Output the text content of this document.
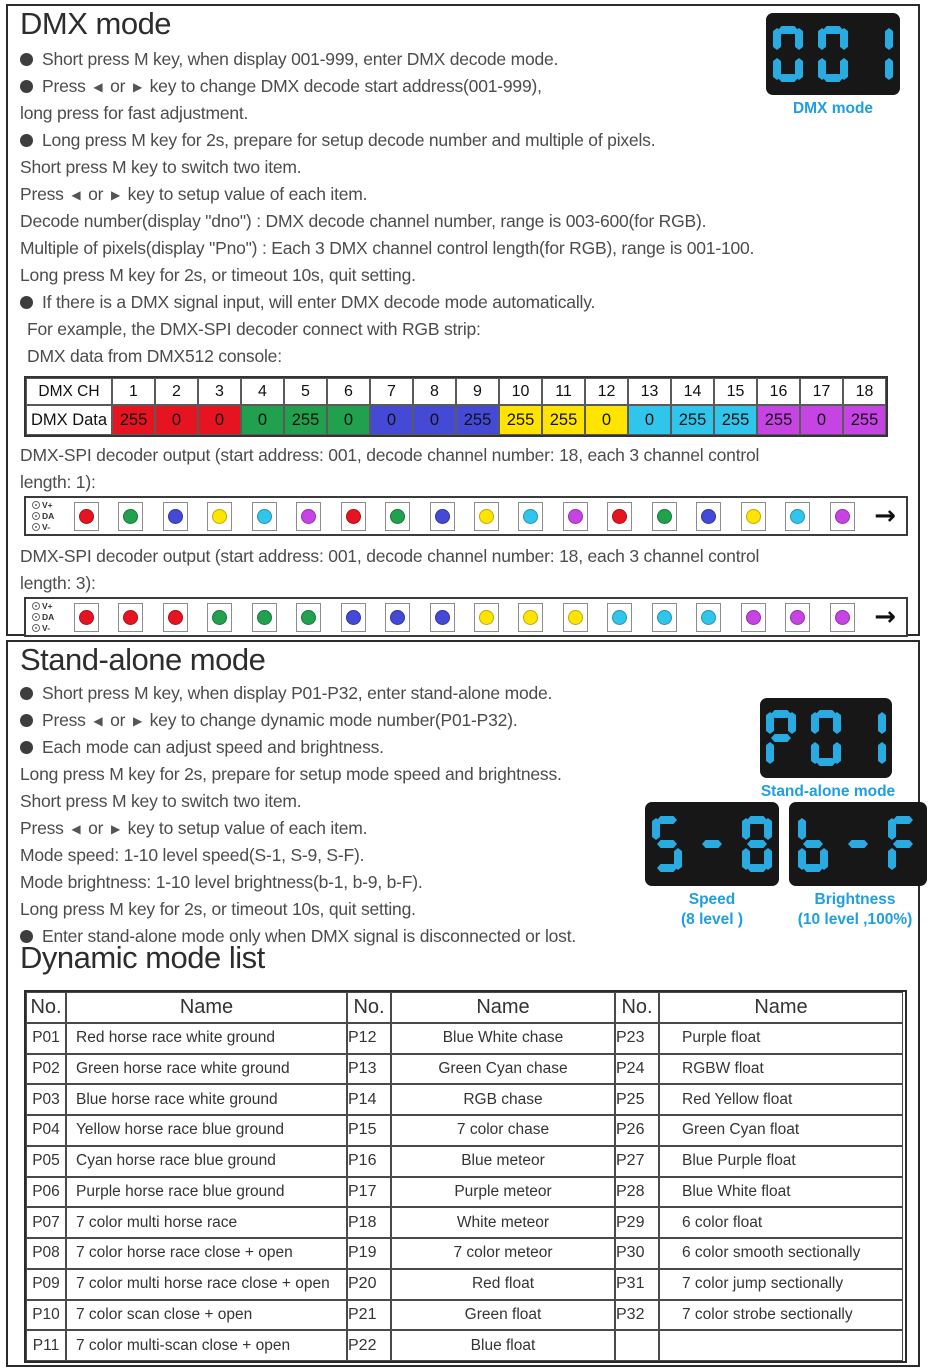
DMX mode
Short press M key, when display 001-999, enter DMX decode mode.
Press ◀ or ▶ key to change DMX decode start address(001-999),
long press for fast adjustment.
Long press M key for 2s, prepare for setup decode number and multiple of pixels.
Short press M key to switch two item.
Press ◀ or ▶ key to setup value of each item.
Decode number(display "dno") : DMX decode channel number, range is 003-600(for RGB).
Multiple of pixels(display "Pno") : Each 3 DMX channel control length(for RGB), range is 001-100.
Long press M key for 2s, or timeout 10s, quit setting.
If there is a DMX signal input, will enter DMX decode mode automatically.
For example, the DMX-SPI decoder connect with RGB strip:
DMX data from DMX512 console:
DMX mode
DMX CH	1	2	3	4	5	6	7	8	9	10	11	12	13	14	15	16	17	18
DMX Data 255	0	0	0	255	0	0	0	255 255 255	0	0	255 255 255	0	255
DMX-SPI decoder output (start address: 001, decode channel number: 18, each 3 channel control
length: 1):
V+
DA
V-	→
DMX-SPI decoder output (start address: 001, decode channel number: 18, each 3 channel control
length: 3):
V+
DA
V-	→
Stand-alone mode
Short press M key, when display P01-P32, enter stand-alone mode.
Press ◀ or ▶ key to change dynamic mode number(P01-P32).
Each mode can adjust speed and brightness.
Long press M key for 2s, prepare for setup mode speed and brightness.
Short press M key to switch two item.
Press ◀ or ▶ key to setup value of each item.
Mode speed: 1-10 level speed(S-1, S-9, S-F).
Mode brightness: 1-10 level brightness(b-1, b-9, b-F).
Long press M key for 2s, or timeout 10s, quit setting.
Enter stand-alone mode only when DMX signal is disconnected or lost.
Stand-alone mode
Speed
(8 level )
Brightness
(10 level ,100%)
Dynamic mode list
No.	Name	No.	Name	No.	Name
P01	Red horse race white ground	P12	Blue White chase	P23	Purple float
P02	Green horse race white ground	P13	Green Cyan chase	P24	RGBW float
P03	Blue horse race white ground	P14	RGB chase	P25	Red Yellow float
P04	Yellow horse race blue ground	P15	7 color chase	P26	Green Cyan float
P05	Cyan horse race blue ground	P16	Blue meteor	P27	Blue Purple float
P06	Purple horse race blue ground	P17	Purple meteor	P28	Blue White float
P07	7 color multi horse race	P18	White meteor	P29	6 color float
P08	7 color horse race close + open	P19	7 color meteor	P30	6 color smooth sectionally
P09	7 color multi horse race close + open	P20	Red float	P31	7 color jump sectionally
P10	7 color scan close + open	P21	Green float	P32	7 color strobe sectionally
P11	7 color multi-scan close + open	P22	Blue float
